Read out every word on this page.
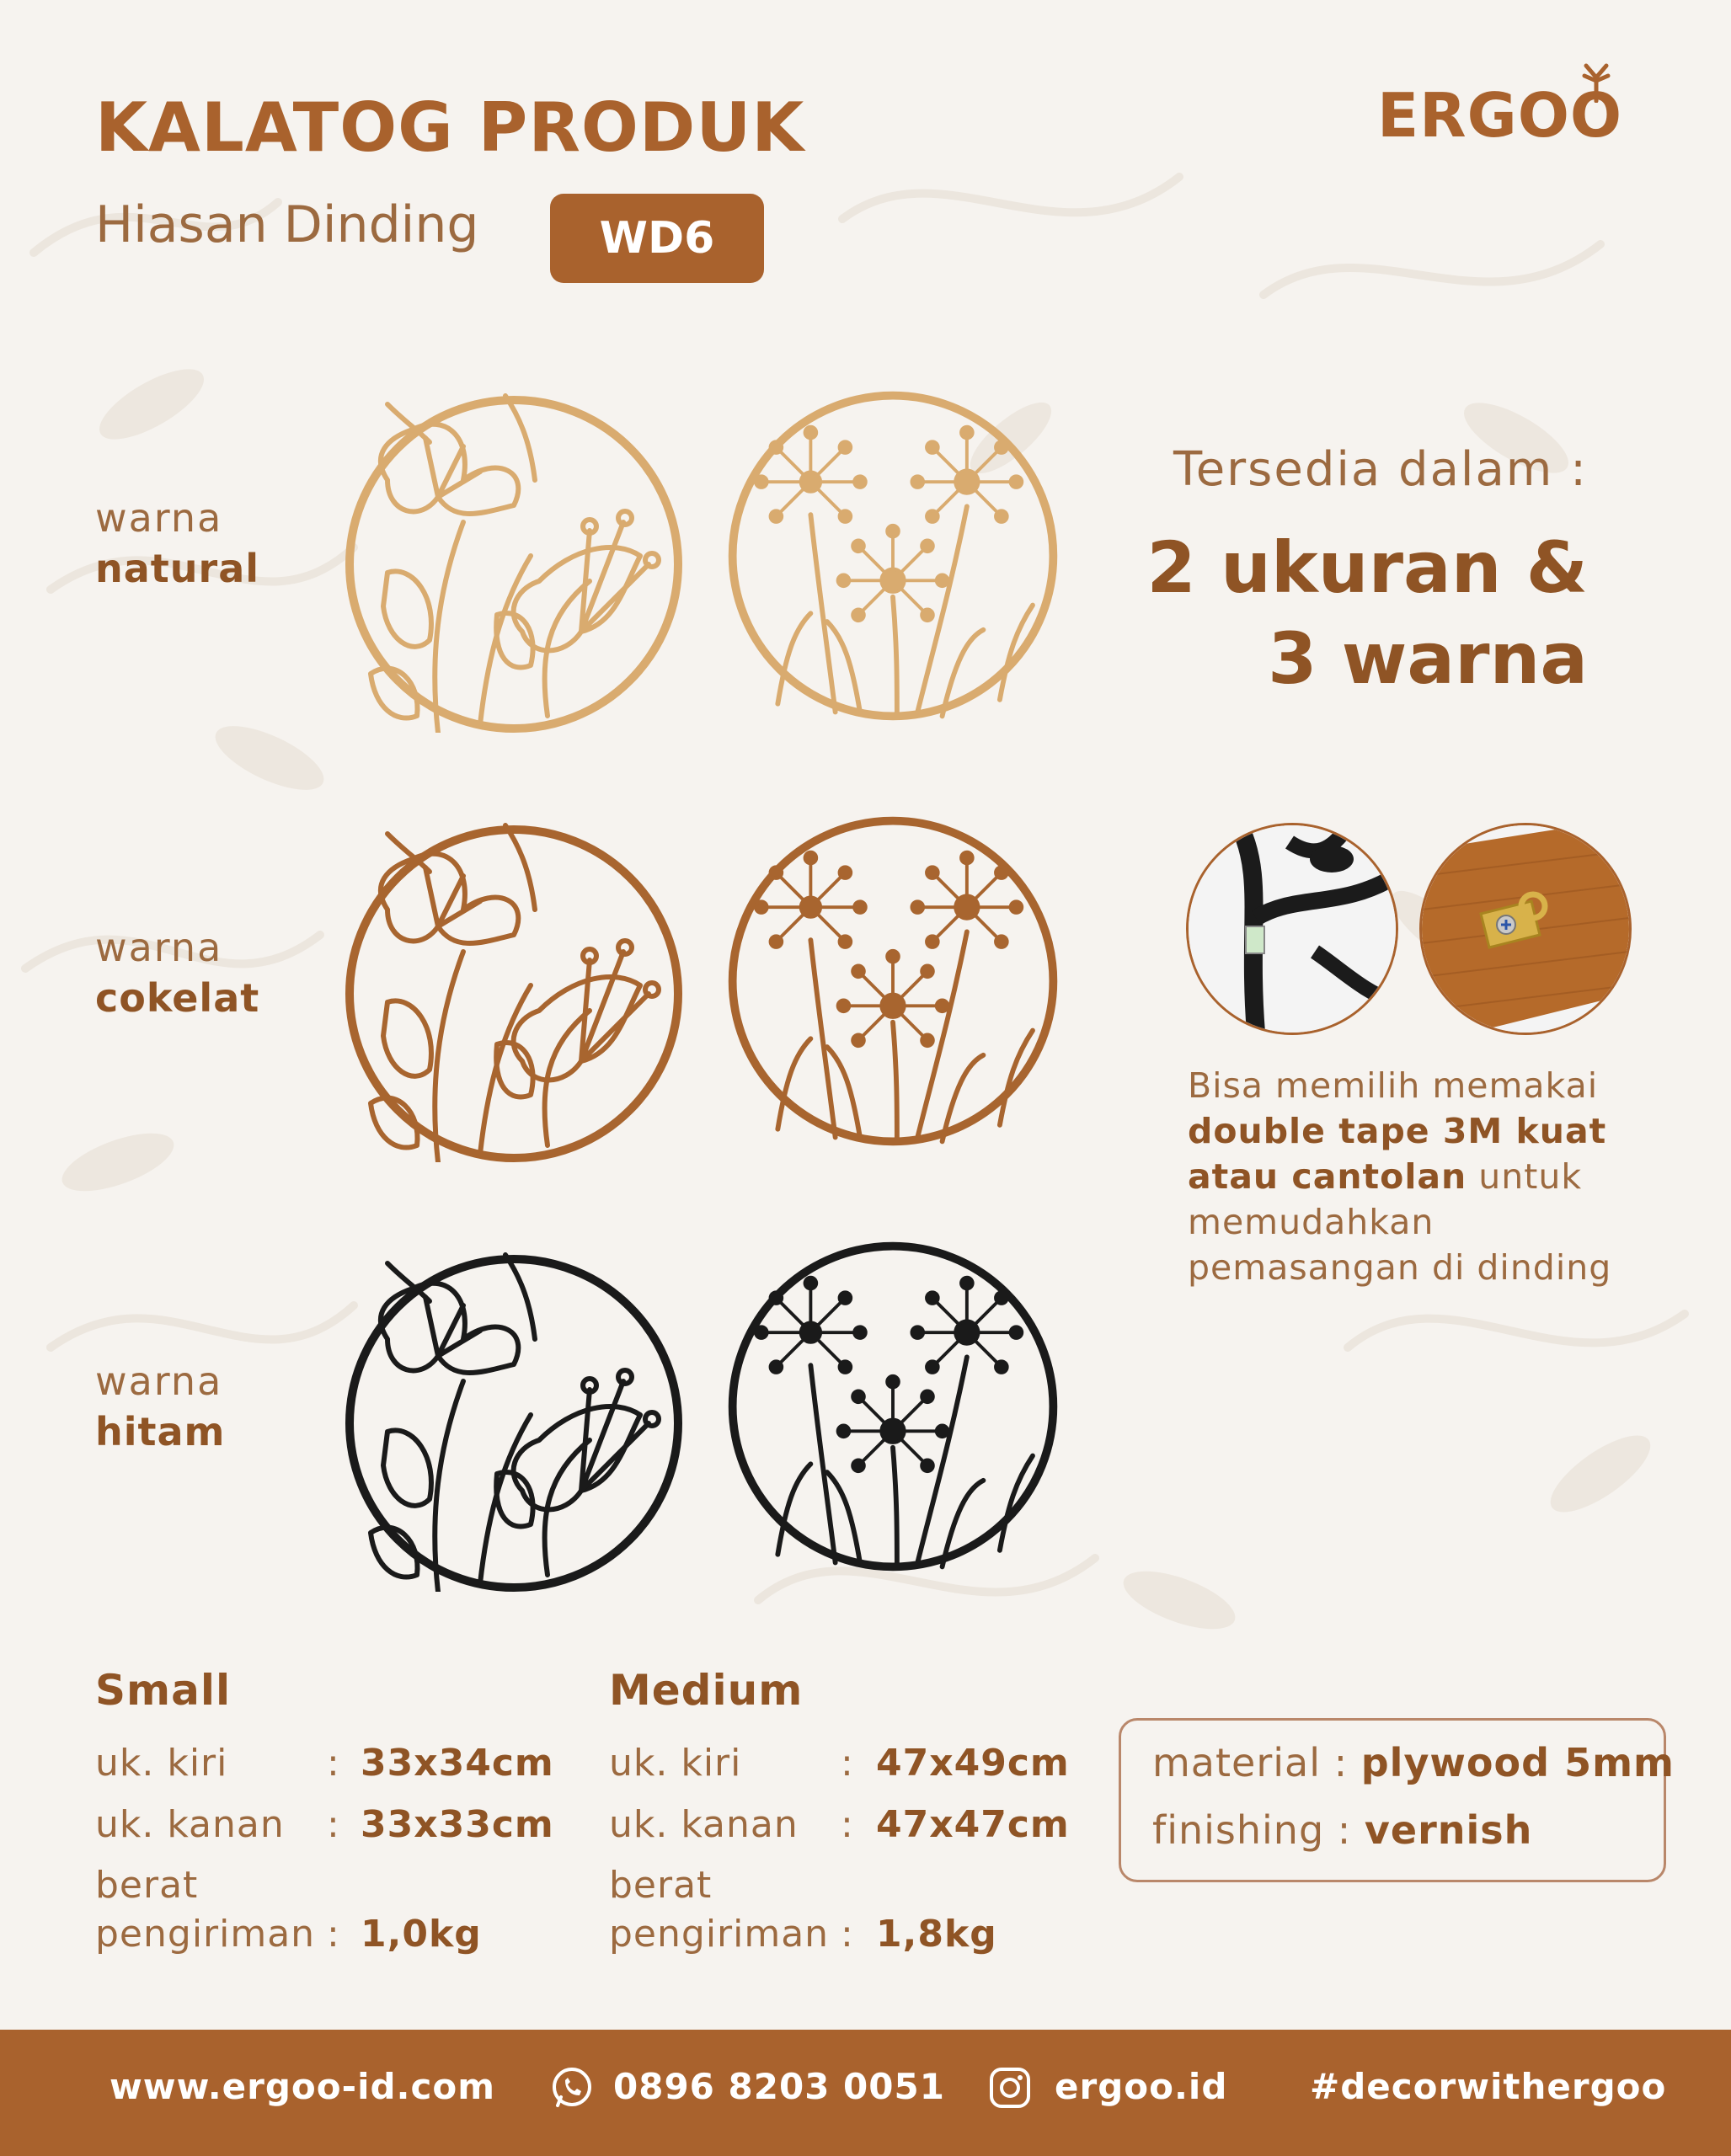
KALATOG PRODUK
Hiasan Dinding	WD6
ERGOO
warna
natural
warna
cokelat
warna
hitam
Tersedia dalam :
2 ukuran &
3 warna
Bisa memilih memakai
double tape 3M kuat
atau cantolan untuk
memudahkan
pemasangan di dinding
Small
uk. kiri	: 33x34cm
uk. kanan : 33x33cm
berat
pengiriman : 1,0kg
Medium
uk. kiri	: 47x49cm
uk. kanan : 47x47cm
berat
pengiriman : 1,8kg
material : plywood 5mm
finishing : vernish
www.ergoo-id.com	0896 8203 0051	ergoo.id #decorwithergoo
